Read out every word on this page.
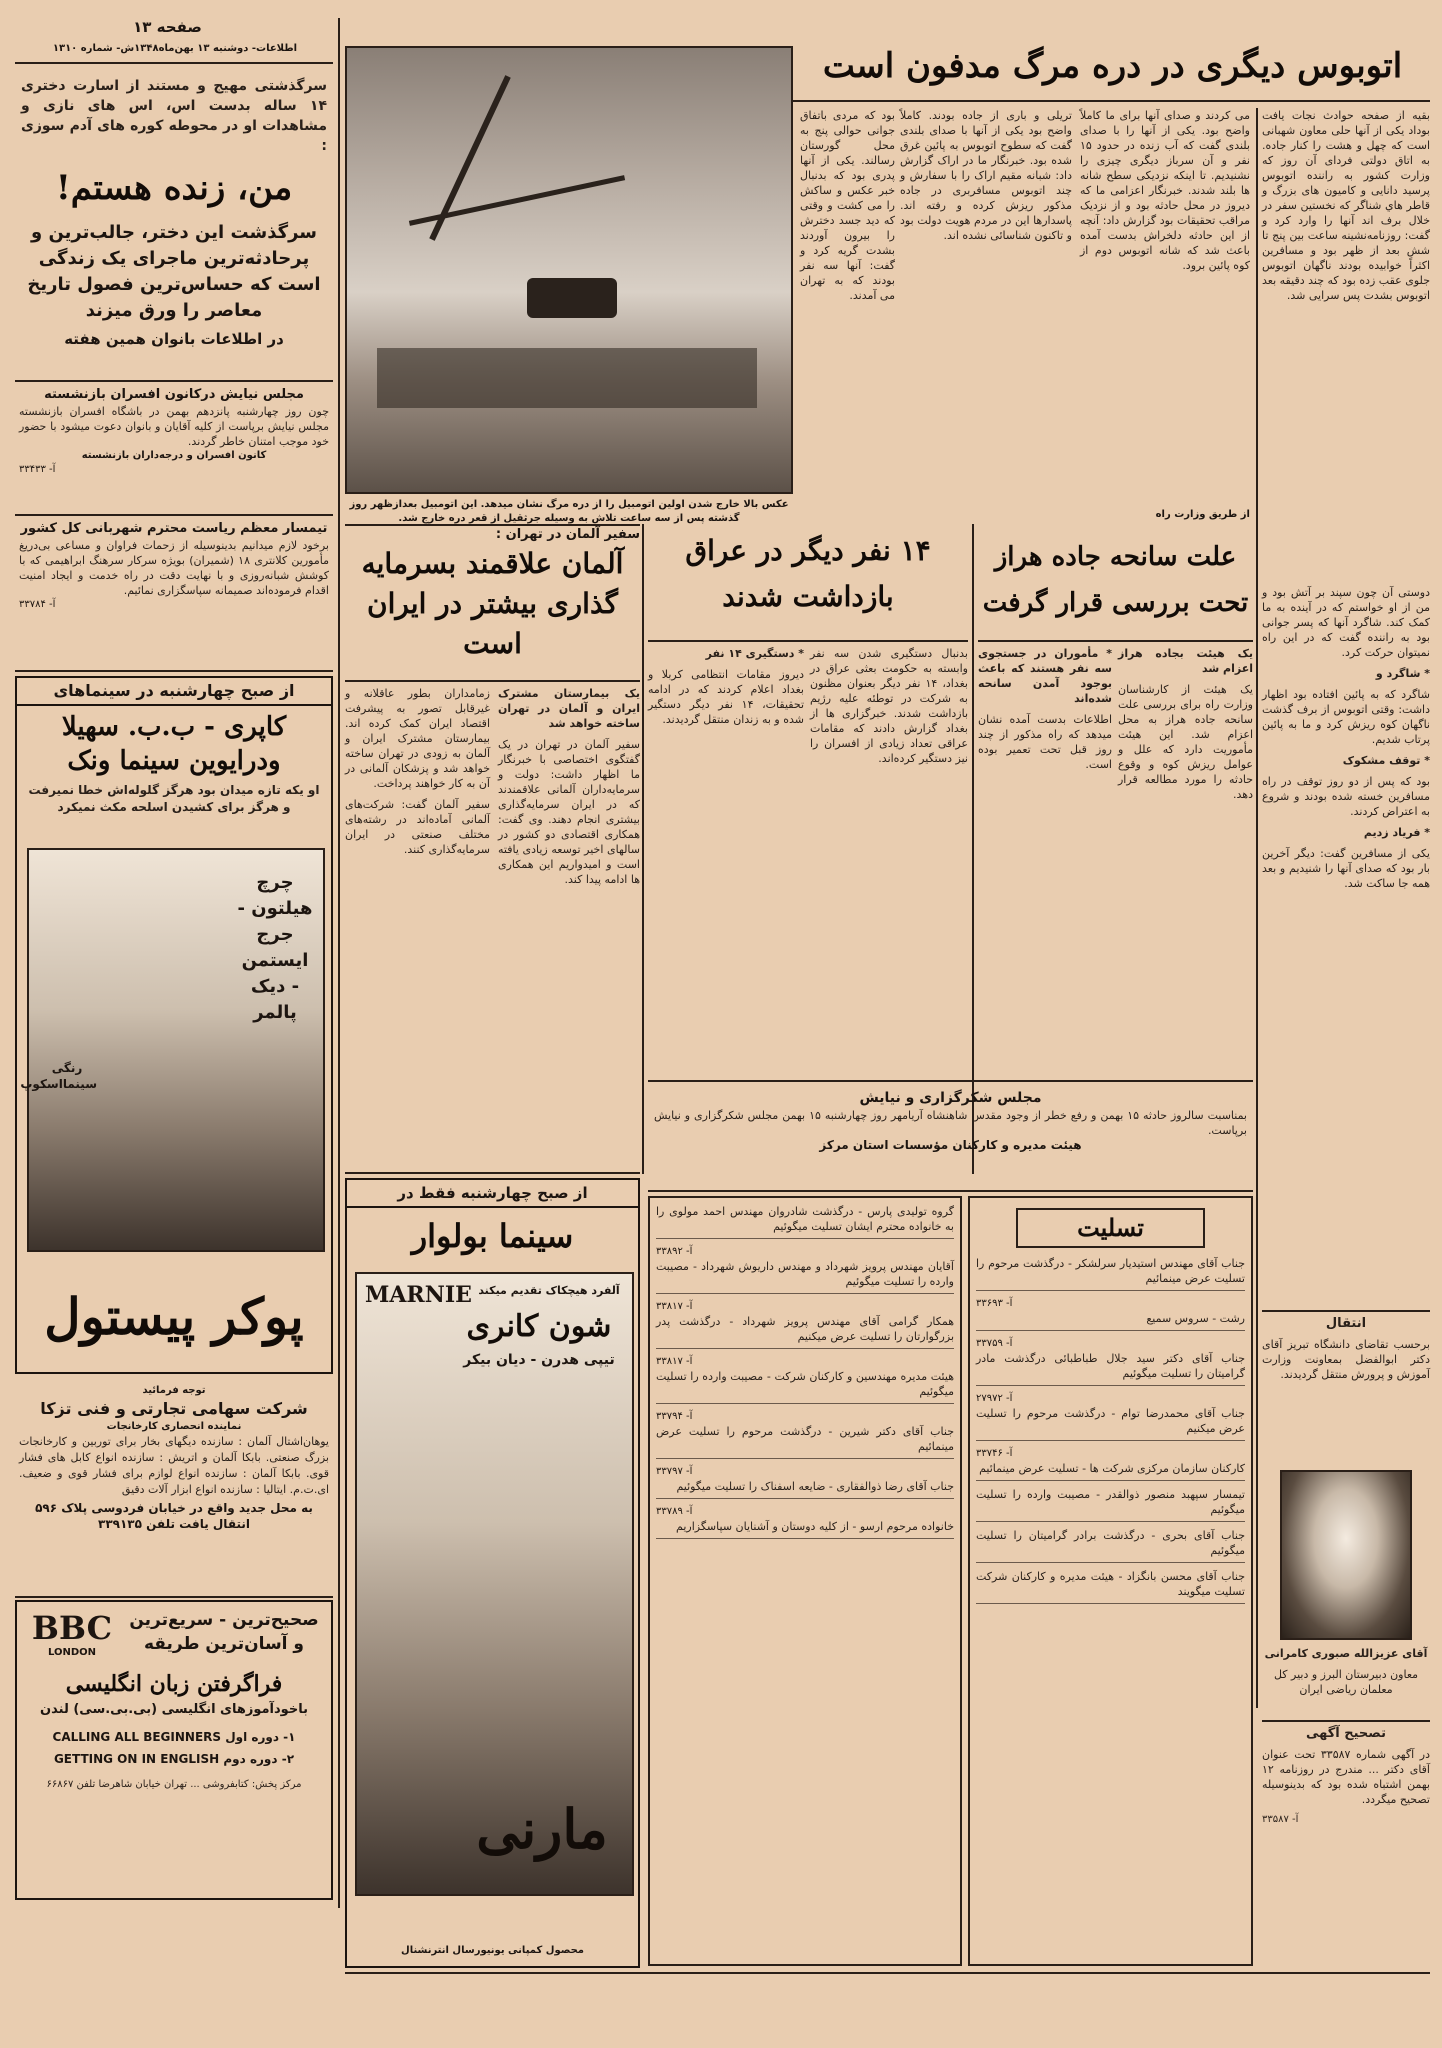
صفحه ۱۳
اطلاعات- دوشنبه ۱۳ بهن‌ماه۱۳۴۸ش- شماره ۱۳۱۰	اتوبوس دیگری در دره مرگ مدفون است
عکس بالا خارج شدن اولین اتومبیل را از دره مرگ نشان میدهد. این اتومبیل بعدازظهر روز گذشته پس از سه ساعت تلاش به وسیله جرثقیل از قعر دره خارج شد.
بقیه از صفحه حوادث نجات یافت بوداد یکی از آنها حلی معاون شهبانی است که چهل و هشت را کنار جاده. به اتاق دولتی فردای آن روز که وزارت کشور به راننده اتوبوس پرسید دانایی و کامیون های بزرگ و قاطر هاي شناگر که نخستین سفر در خلال برف اند آنها را وارد کرد و گفت: روزنامه‌نشینه ساعت بین پنج تا شش بعد از ظهر بود و مسافرین اکثراً خوابیده بودند ناگهان اتوبوس جلوی عقب زده بود که چند دقیقه بعد اتوبوس بشدت پس سرایی شد.
مى کردند و صداى آنها براى ما کاملاً واضح بود. یکى از آنها را با صداى بلندى گفت که آب زنده در حدود ۱۵ نفر و آن سرباز دیگرى چیزى را نشنیدیم. تا اینکه نزدیکى سطح شانه ها بلند شدند. خبرنگار اعزامى ما که دیروز در محل حادثه بود و از نزدیک مراقب تحقیقات بود گزارش داد: آنچه از این حادثه دلخراش بدست آمده باعث شد که شانه اتوبوس دوم از کوه پائین برود.
تریلی و باری از جاده بودند. کاملاً واضح بود یکی از آنها با صدای بلندی گفت که سطوح اتوبوس به پائین غرق شده بود. خبرنگار ما در اراک گزارش داد: شبانه مقیم اراک را با سفارش و چند اتوبوس مسافربری در جاده مذکور ریزش کرده و رفته اند. پاسدارها این در مردم هویت دولت بود و تاکنون شناسائی نشده اند.
بود که مردی باتفاق جوانی حوالی پنج به محل گورستان رسالند. یکی از آنها پدری بود که بدنبال خبر عکس و ساکش را مى کشت و وقتى که دید جسد دخترش را بیرون آوردند بشدت گریه کرد و گفت: آنها سه نفر بودند که به تهران مى آمدند.
از طریق وزارت راه
سرگذشتی مهیج و مستند از اسارت دختری ۱۴ ساله بدست اس، اس های نازی و مشاهدات او در محوطه کوره های آدم سوزی :
من، زنده هستم!
سرگذشت این دختر، جالب‌ترین و پرحادثه‌ترین ماجرای یک زندگی است که حساس‌ترین فصول تاریخ معاصر را ورق میزند
در اطلاعات بانوان همین هفته
مجلس نیایش درکانون افسران بازنشسته
چون روز چهارشنبه پانزدهم بهمن در باشگاه افسران بازنشسته مجلس نیایش برپاست از کلیه آقایان و بانوان دعوت میشود با حضور خود موجب امتنان خاطر گردند.
کانون افسران و درجه‌داران بازنشسته
آ- ۳۳۴۳۳
تیمسار معظم ریاست محترم شهربانی کل کشور
برخود لازم میدانیم بدینوسیله از زحمات فراوان و مساعی بی‌دریغ مأمورین کلانتری ۱۸ (شمیران) بویژه سرکار سرهنگ ابراهیمی که با کوشش شبانه‌روزی و با نهایت دقت در راه خدمت و ایجاد امنیت اقدام فرموده‌اند صمیمانه سپاسگزاری نمائیم.
آ- ۳۳۷۸۴
از صبح چهارشنبه در سینماهای
کاپری - ب.ب. سهیلا ودرایوین سینما ونک
او یکه تازه میدان بود هرگز گلوله‌اش خطا نمیرفت و هرگز برای کشیدن اسلحه مکث نمیکرد
چرچ هیلتون - جرج ایستمن - دیک پالمر
رنگی سینمااسکوپ
پوکر پیستول
توجه فرمائید
شرکت سهامی تجارتی و فنی تزکا
نماینده انحصاری کارخانجات
یوهان‌اشتال آلمان : سازنده دیگهای بخار برای توربین و کارخانجات بزرگ صنعتی. بابکا آلمان و اتریش : سازنده انواع کابل های فشار قوی. بابکا آلمان : سازنده انواع لوازم برای فشار قوی و ضعیف. ای.ت.م. ایتالیا : سازنده انواع ابزار آلات دقیق
به محل جدید واقع در خیابان فردوسی پلاک ۵۹۶ انتقال یافت تلفن ۳۳۹۱۳۵
BBC
LONDON
صحیح‌ترین - سریع‌ترین و آسان‌ترین طریقه
فراگرفتن زبان انگلیسی
باخودآموزهای انگلیسی (بی.بی.سی) لندن
۱- دوره اول CALLING ALL BEGINNERS
۲- دوره دوم GETTING ON IN ENGLISH
مرکز پخش: کتابفروشی ... تهران خیابان شاهرضا تلفن ۶۶۸۶۷
سفیر آلمان در تهران :
آلمان علاقمند بسرمایه گذاری بیشتر در ایران است

یک بیمارستان مشترک ایران و آلمان در تهران ساخته خواهد شد

سفیر آلمان در تهران در یک گفتگوی اختصاصی با خبرنگار ما اظهار داشت: دولت و سرمایه‌داران آلمانی علاقمندند که در ایران سرمایه‌گذاری بیشتری انجام دهند. وی گفت: همکاری اقتصادی دو کشور در سالهای اخیر توسعه زیادی یافته است و امیدواریم این همکاری ها ادامه پیدا کند.

زمامداران بطور عاقلانه و غیرقابل تصور به پیشرفت اقتصاد ایران کمک کرده اند. بیمارستان مشترک ایران و آلمان به زودی در تهران ساخته خواهد شد و پزشکان آلمانی در آن به کار خواهند پرداخت.

سفیر آلمان گفت: شرکت‌های آلمانی آماده‌اند در رشته‌های مختلف صنعتی در ایران سرمایه‌گذاری کنند.

۱۴ نفر دیگر در عراق بازداشت شدند
بدنبال دستگیری شدن سه نفر وابسته به حکومت بعثی عراق در بغداد، ۱۴ نفر دیگر بعنوان مظنون به شرکت در توطئه علیه رژیم بازداشت شدند. خبرگزاری ها از بغداد گزارش دادند که مقامات عراقی تعداد زیادی از افسران را نیز دستگیر کرده‌اند.

* دستگیری ۱۴ نفر

دیروز مقامات انتظامی کربلا و بغداد اعلام کردند که در ادامه تحقیقات، ۱۴ نفر دیگر دستگیر شده و به زندان منتقل گردیدند.

علت سانحه جاده هراز تحت بررسی قرار گرفت

یک هیئت بجاده هراز اعزام شد

یک هیئت از کارشناسان وزارت راه برای بررسی علت سانحه جاده هراز به محل اعزام شد. این هیئت مأموریت دارد که علل و عوامل ریزش کوه و وقوع حادثه را مورد مطالعه قرار دهد.

* مأموران در جستجوی سه نفر هستند که باعث بوجود آمدن سانحه شده‌اند

اطلاعات بدست آمده نشان میدهد که راه مذکور از چند روز قبل تحت تعمیر بوده است.

مجلس شکرگزاری و نیایش
بمناسبت سالروز حادثه ۱۵ بهمن و رفع خطر از وجود مقدس شاهنشاه آریامهر روز چهارشنبه ۱۵ بهمن مجلس شکرگزاری و نیایش برپاست.
هیئت مدیره و کارکنان مؤسسات استان مرکز
تسلیت
جناب آقای مهندس استیدیار سرلشکر - درگذشت مرحوم را تسلیت عرض مینمائیم
آ- ۳۳۶۹۳
رشت - سروس سمیع
آ- ۳۳۷۵۹
جناب آقای دکتر سید جلال طباطبائی درگذشت مادر گرامیتان را تسلیت میگوئیم
آ- ۲۷۹۷۲
جناب آقای محمدرضا توام - درگذشت مرحوم را تسلیت عرض میکنیم
آ- ۳۳۷۴۶
کارکنان سازمان مرکزی شرکت ها - تسلیت عرض مینمائیم
تیمسار سپهبد منصور ذوالقدر - مصیبت وارده را تسلیت میگوئیم
جناب آقای بحری - درگذشت برادر گرامیتان را تسلیت میگوئیم
جناب آقای محسن بانگزاد - هیئت مدیره و کارکنان شرکت تسلیت میگویند
گروه تولیدی پارس - درگذشت شادروان مهندس احمد مولوی را به خانواده محترم ایشان تسلیت میگوئیم
آ- ۳۳۸۹۲
آقایان مهندس پرویز شهرداد و مهندس داریوش شهرداد - مصیبت وارده را تسلیت میگوئیم
آ- ۳۳۸۱۷
همکار گرامی آقای مهندس پرویز شهرداد - درگذشت پدر بزرگوارتان را تسلیت عرض میکنیم
آ- ۳۳۸۱۷
هیئت مدیره مهندسین و کارکنان شرکت - مصیبت وارده را تسلیت میگوئیم
آ- ۳۳۷۹۴
جناب آقای دکتر شیرین - درگذشت مرحوم را تسلیت عرض مینمائیم
آ- ۳۳۷۹۷
جناب آقای رضا ذوالفقاری - ضایعه اسفناک را تسلیت میگوئیم
آ- ۳۳۷۸۹
خانواده مرحوم ارسو - از کلیه دوستان و آشنایان سپاسگزاریم
از صبح چهارشنبه فقط در
سینما بولوار
MARNIE آلفرد هیچکاک تقدیم میکند
شون کانری
تیپی هدرن - دیان بیکر
مارنی
محصول کمپانی یونیورسال انترنشنال

دوستی آن چون سپند بر آتش بود و من از او خواستم که در آینده به ما کمک کند. شاگرد آنها که پسر جوانی بود به راننده گفت که در این راه نمیتوان حرکت کرد.

* شاگرد و

شاگرد که به پائین افتاده بود اظهار داشت: وقتی اتوبوس از برف گذشت ناگهان کوه ریزش کرد و ما به پائین پرتاب شدیم.

* توقف مشکوک

بود که پس از دو روز توقف در راه مسافرین خسته شده بودند و شروع به اعتراض کردند.

* فریاد زدیم

یکی از مسافرین گفت: دیگر آخرین بار بود که صدای آنها را شنیدیم و بعد همه جا ساکت شد.

انتقال

برحسب تقاضای دانشگاه تبریز آقای دکتر ابوالفضل بمعاونت وزارت آموزش و پرورش منتقل گردیدند.

آقای عزیزالله صبوری کامرانی

معاون دبیرستان البرز و دبیر کل معلمان ریاضی ایران

تصحیح آگهی

در آگهی شماره ۳۳۵۸۷ تحت عنوان آقای دکتر ... مندرج در روزنامه ۱۲ بهمن اشتباه شده بود که بدینوسیله تصحیح میگردد.

آ- ۳۳۵۸۷
